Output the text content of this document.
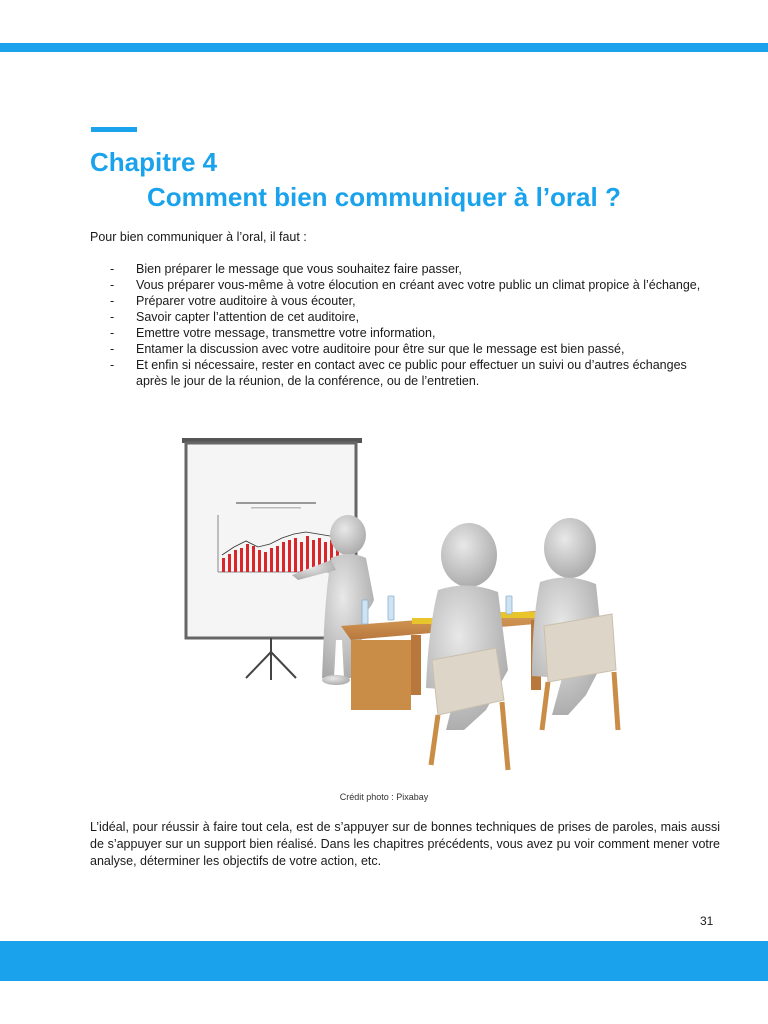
Chapitre 4
Comment bien communiquer à l’oral ?

Pour bien communiquer à l’oral, il faut :

- Bien préparer le message que vous souhaitez faire passer,
- Vous préparer vous-même à votre élocution en créant avec votre public un climat propice à l’échange,
- Préparer votre auditoire à vous écouter,
- Savoir capter l’attention de cet auditoire,
- Emettre votre message, transmettre votre information,
- Entamer la discussion avec votre auditoire pour être sur que le message est bien passé,
- Et enfin si nécessaire, rester en contact avec ce public pour effectuer un suivi ou d’autres échanges après le jour de la réunion, de la conférence, ou de l’entretien.

Crédit photo : Pixabay

L’idéal, pour réussir à faire tout cela, est de s’appuyer sur de bonnes techniques de prises de paroles, mais aussi de s’appuyer sur un support bien réalisé. Dans les chapitres précédents, vous avez pu voir comment mener votre analyse, déterminer les objectifs de votre action, etc.

31
